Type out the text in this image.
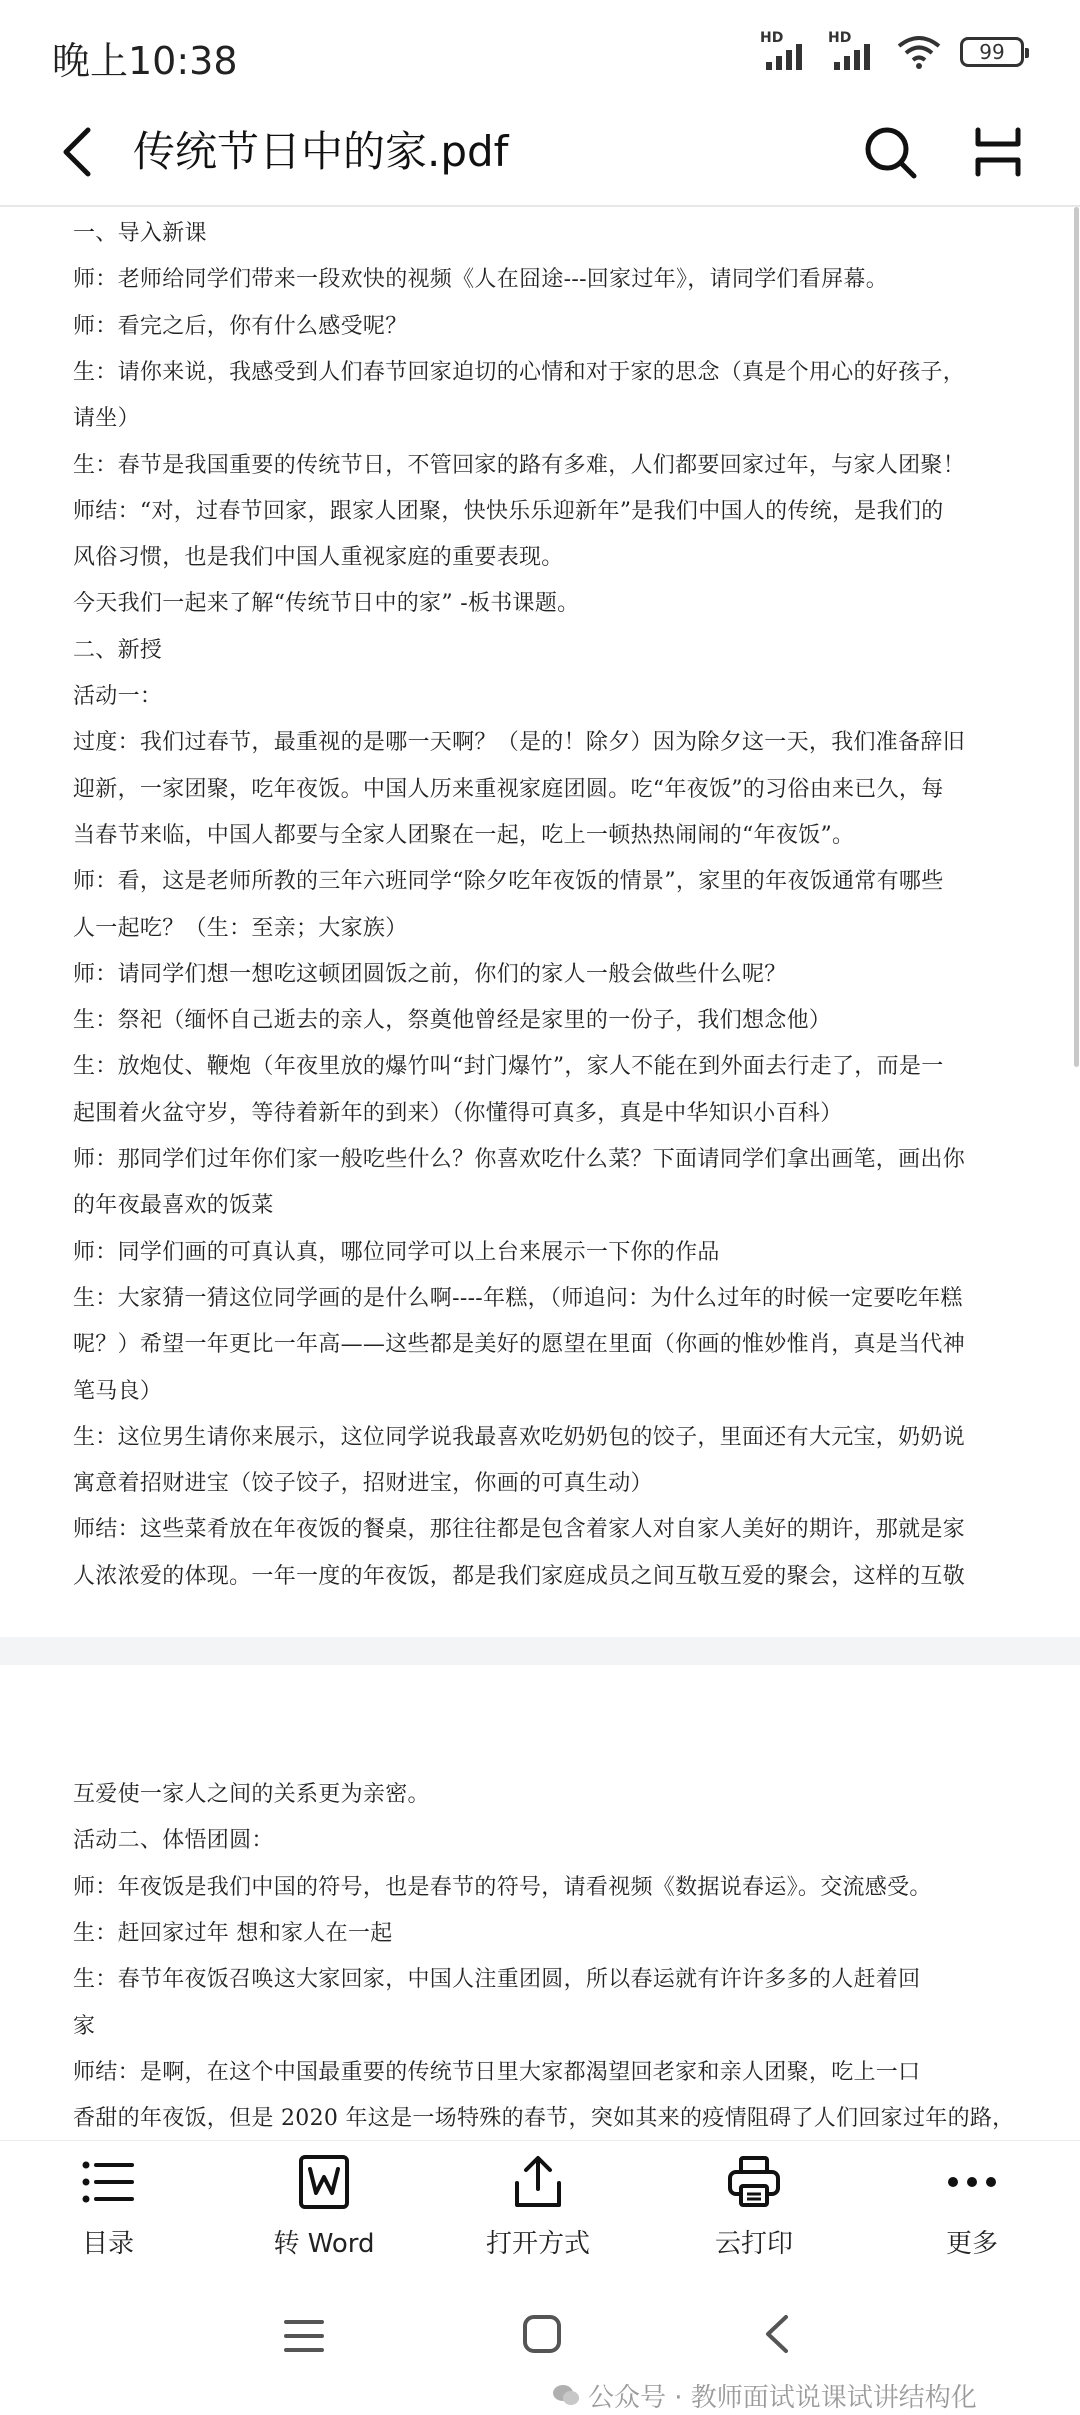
晚上10:38
HD	HD
99
传统节日中的家.pdf
一、导入新课
师：老师给同学们带来一段欢快的视频《人在囧途---回家过年》，请同学们看屏幕。
师：看完之后，你有什么感受呢？
生：请你来说，我感受到人们春节回家迫切的心情和对于家的思念（真是个用心的好孩子，
请坐）
生：春节是我国重要的传统节日，不管回家的路有多难，人们都要回家过年，与家人团聚！
师结：“对，过春节回家，跟家人团聚，快快乐乐迎新年”是我们中国人的传统，是我们的
风俗习惯，也是我们中国人重视家庭的重要表现。
今天我们一起来了解“传统节日中的家” -板书课题。
二、新授
活动一：
过度：我们过春节，最重视的是哪一天啊？（是的！除夕）因为除夕这一天，我们准备辞旧
迎新，一家团聚，吃年夜饭。中国人历来重视家庭团圆。吃“年夜饭”的习俗由来已久，每
当春节来临，中国人都要与全家人团聚在一起，吃上一顿热热闹闹的“年夜饭”。
师：看，这是老师所教的三年六班同学“除夕吃年夜饭的情景”，家里的年夜饭通常有哪些
人一起吃？（生：至亲；大家族）
师：请同学们想一想吃这顿团圆饭之前，你们的家人一般会做些什么呢？
生：祭祀（缅怀自己逝去的亲人，祭奠他曾经是家里的一份子，我们想念他）
生：放炮仗、鞭炮（年夜里放的爆竹叫“封门爆竹”，家人不能在到外面去行走了，而是一
起围着火盆守岁，等待着新年的到来）（你懂得可真多，真是中华知识小百科）
师：那同学们过年你们家一般吃些什么？你喜欢吃什么菜？下面请同学们拿出画笔，画出你
的年夜最喜欢的饭菜
师：同学们画的可真认真，哪位同学可以上台来展示一下你的作品
生：大家猜一猜这位同学画的是什么啊----年糕，（师追问：为什么过年的时候一定要吃年糕
呢？）希望一年更比一年高——这些都是美好的愿望在里面（你画的惟妙惟肖，真是当代神
笔马良）
生：这位男生请你来展示，这位同学说我最喜欢吃奶奶包的饺子，里面还有大元宝，奶奶说
寓意着招财进宝（饺子饺子，招财进宝，你画的可真生动）
师结：这些菜肴放在年夜饭的餐桌，那往往都是包含着家人对自家人美好的期许，那就是家
人浓浓爱的体现。一年一度的年夜饭，都是我们家庭成员之间互敬互爱的聚会，这样的互敬
互爱使一家人之间的关系更为亲密。
活动二、体悟团圆：
师：年夜饭是我们中国的符号，也是春节的符号，请看视频《数据说春运》。交流感受。
生：赶回家过年 想和家人在一起
生：春节年夜饭召唤这大家回家，中国人注重团圆，所以春运就有许许多多的人赶着回
家
师结：是啊，在这个中国最重要的传统节日里大家都渴望回老家和亲人团聚，吃上一口
香甜的年夜饭，但是 2020 年这是一场特殊的春节，突如其来的疫情阻碍了人们回家过年的路，
目录	转 Word	打开方式	云打印	更多
公众号 · 教师面试说课试讲结构化
